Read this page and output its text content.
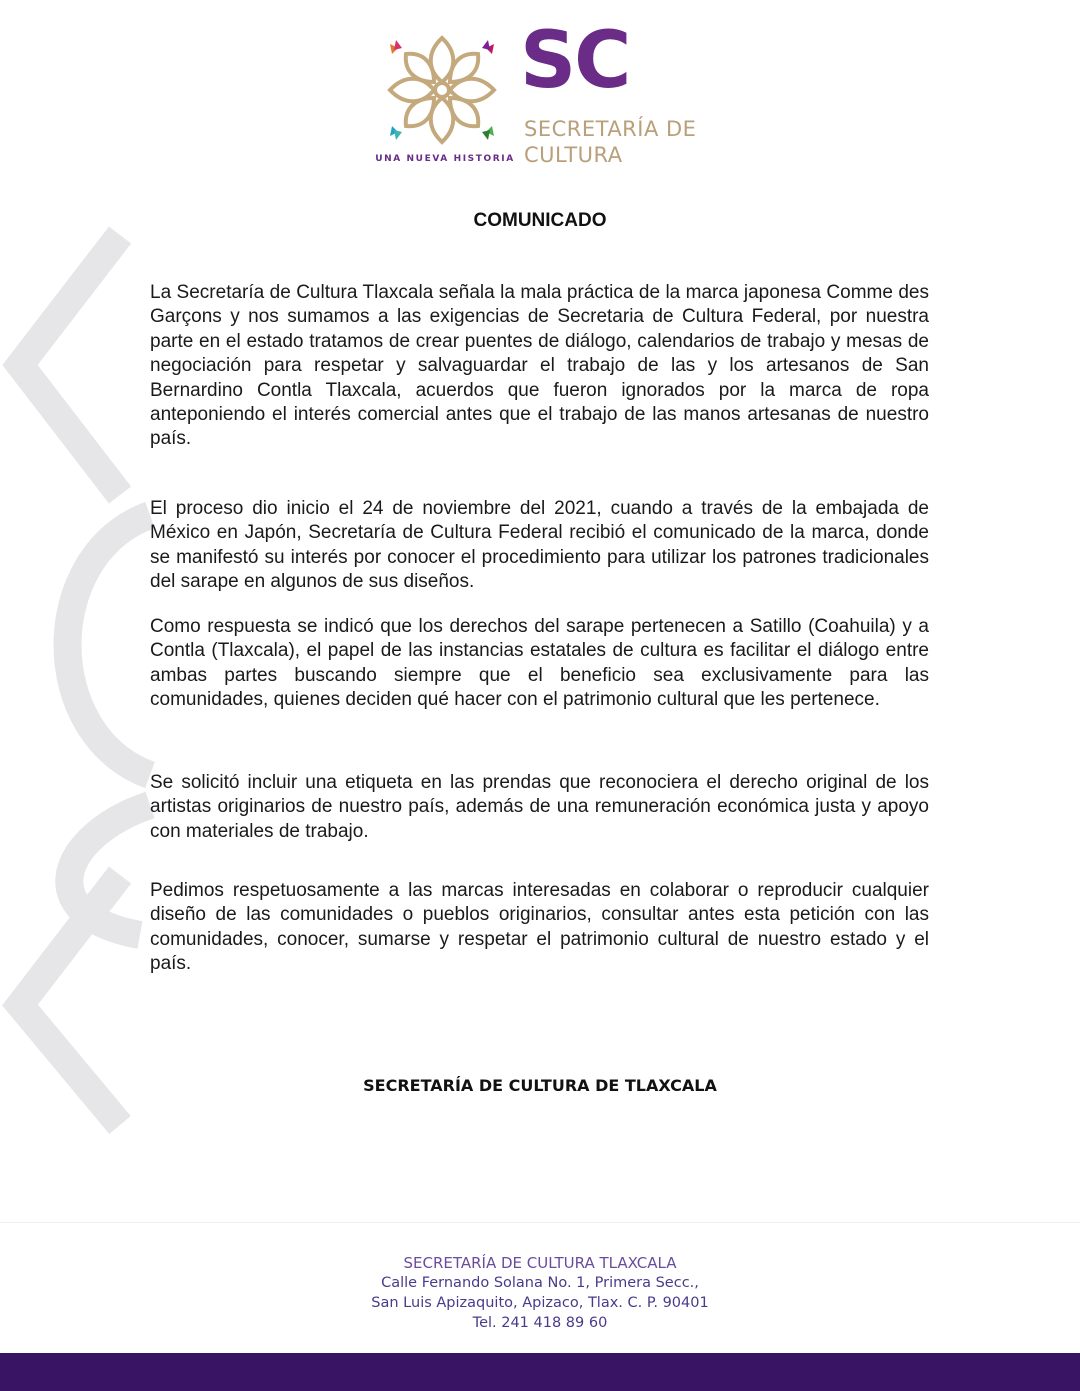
UNA NUEVA HISTORIA
SC
SECRETARÍA DE
CULTURA
COMUNICADO
La Secretaría de Cultura Tlaxcala señala la mala práctica de la marca japonesa Comme des Garçons y nos sumamos a las exigencias de Secretaria de Cultura Federal, por nuestra parte en el estado tratamos de crear puentes de diálogo, calendarios de trabajo y mesas de negociación para respetar y salvaguardar el trabajo de las y los artesanos de San Bernardino Contla Tlaxcala, acuerdos que fueron ignorados por la marca de ropa anteponiendo el interés comercial antes que el trabajo de las manos artesanas de nuestro país.
El proceso dio inicio el 24 de noviembre del 2021, cuando a través de la embajada de México en Japón, Secretaría de Cultura Federal recibió el comunicado de la marca, donde se manifestó su interés por conocer el procedimiento para utilizar los patrones tradicionales del sarape en algunos de sus diseños.
Como respuesta se indicó que los derechos del sarape pertenecen a Satillo (Coahuila) y a Contla (Tlaxcala), el papel de las instancias estatales de cultura es facilitar el diálogo entre ambas partes buscando siempre que el beneficio sea exclusivamente para las comunidades, quienes deciden qué hacer con el patrimonio cultural que les pertenece.
Se solicitó incluir una etiqueta en las prendas que reconociera el derecho original de los artistas originarios de nuestro país, además de una remuneración económica justa y apoyo con materiales de trabajo.
Pedimos respetuosamente a las marcas interesadas en colaborar o reproducir cualquier diseño de las comunidades o pueblos originarios, consultar antes esta petición con las comunidades, conocer, sumarse y respetar el patrimonio cultural de nuestro estado y el país.
SECRETARÍA DE CULTURA DE TLAXCALA
SECRETARÍA DE CULTURA TLAXCALA
Calle Fernando Solana No. 1, Primera Secc.,
San Luis Apizaquito, Apizaco, Tlax. C. P. 90401
Tel. 241 418 89 60
